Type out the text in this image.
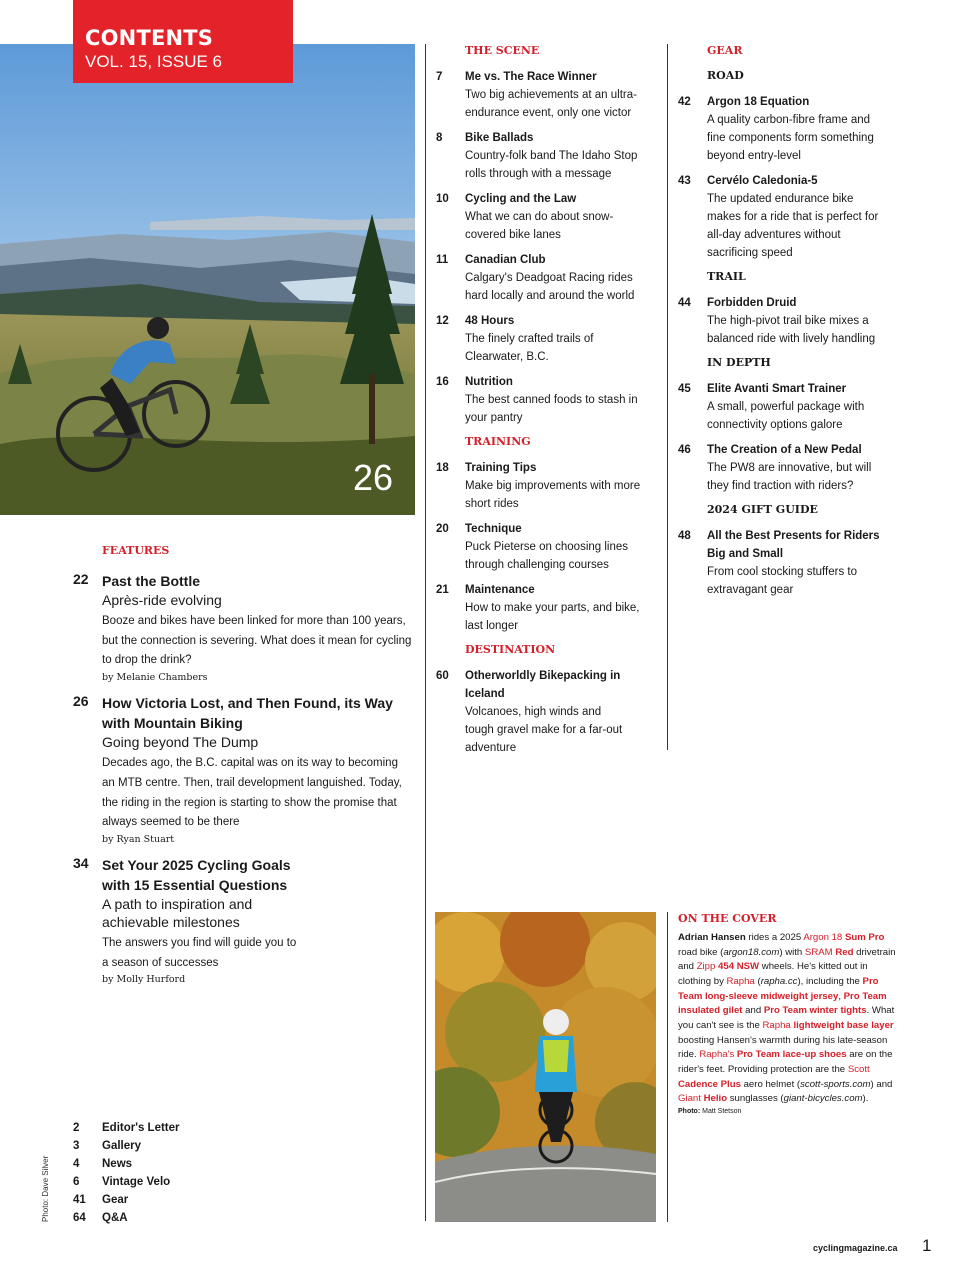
26
Photo: Dave Silver
CONTENTS
VOL. 15, ISSUE 6
FEATURES
22 Past the Bottle
Après-ride evolving
Booze and bikes have been linked for more than 100 years, but the connection is severing. What does it mean for cycling to drop the drink?
by Melanie Chambers
26 How Victoria Lost, and Then Found, its Way with Mountain Biking
Going beyond The Dump
Decades ago, the B.C. capital was on its way to becoming an MTB centre. Then, trail development languished. Today, the riding in the region is starting to show the promise that always seemed to be there
by Ryan Stuart
34 Set Your 2025 Cycling Goals with 15 Essential Questions
A path to inspiration and achievable milestones
The answers you find will guide you to a season of successes
by Molly Hurford
2	Editor's Letter
3	Gallery
4	News
6	Vintage Velo
41	Gear
64	Q&A
THE SCENE
7	Me vs. The Race Winner
Two big achievements at an ultra-endurance event, only one victor
8	Bike Ballads
Country-folk band The Idaho Stop rolls through with a message
10	Cycling and the Law
What we can do about snow-covered bike lanes
11	Canadian Club
Calgary's Deadgoat Racing rides hard locally and around the world
12	48 Hours
The finely crafted trails of Clearwater, B.C.
16	Nutrition
The best canned foods to stash in your pantry
TRAINING
18	Training Tips
Make big improvements with more short rides
20	Technique
Puck Pieterse on choosing lines through challenging courses
21	Maintenance
How to make your parts, and bike, last longer
DESTINATION
60	Otherworldly Bikepacking in Iceland
Volcanoes, high winds and tough gravel make for a far-out adventure
GEAR
ROAD
42	Argon 18 Equation
A quality carbon-fibre frame and fine components form something beyond entry-level
43	Cervélo Caledonia-5
The updated endurance bike makes for a ride that is perfect for all-day adventures without sacrificing speed
TRAIL
44	Forbidden Druid
The high-pivot trail bike mixes a balanced ride with lively handling
IN DEPTH
45	Elite Avanti Smart Trainer
A small, powerful package with connectivity options galore
46	The Creation of a New Pedal
The PW8 are innovative, but will they find traction with riders?
2024 GIFT GUIDE
48	All the Best Presents for Riders Big and Small
From cool stocking stuffers to extravagant gear
ON THE COVER
Adrian Hansen rides a 2025 Argon 18 Sum Pro road bike (argon18.com) with SRAM Red drivetrain and Zipp 454 NSW wheels. He's kitted out in clothing by Rapha (rapha.cc), including the Pro Team long-sleeve midweight jersey, Pro Team insulated gilet and Pro Team winter tights. What you can't see is the Rapha lightweight base layer boosting Hansen's warmth during his late-season ride. Rapha's Pro Team lace-up shoes are on the rider's feet. Providing protection are the Scott Cadence Plus aero helmet (scott-sports.com) and Giant Helio sunglasses (giant-bicycles.com).
Photo: Matt Stetson
cyclingmagazine.ca 1
